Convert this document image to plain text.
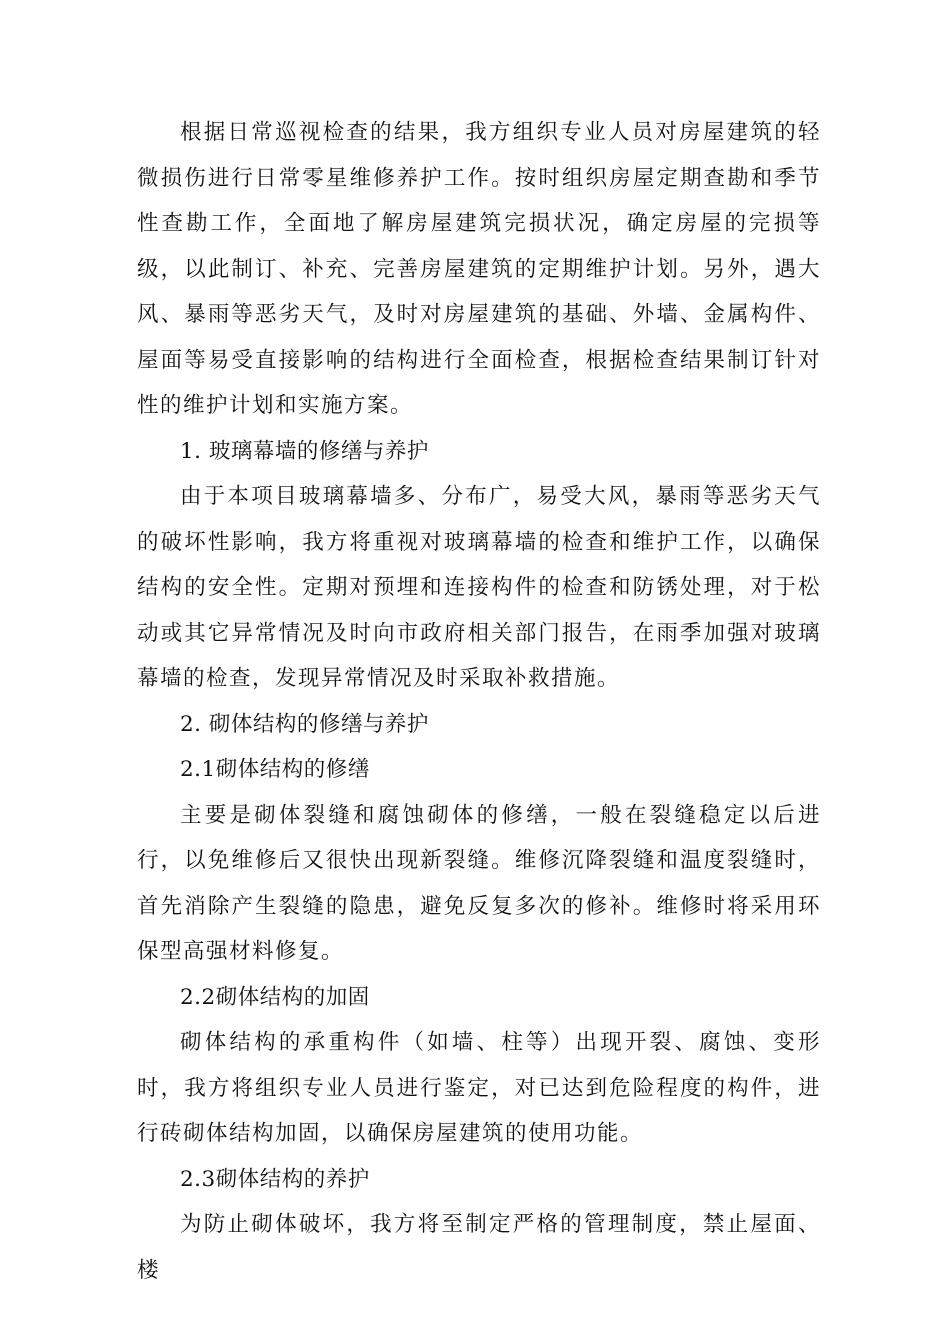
根据日常巡视检查的结果，我方组织专业人员对房屋建筑的轻微损伤进行日常零星维修养护工作。按时组织房屋定期查勘和季节性查勘工作，全面地了解房屋建筑完损状况，确定房屋的完损等级，以此制订、补充、完善房屋建筑的定期维护计划。另外，遇大风、暴雨等恶劣天气，及时对房屋建筑的基础、外墙、金属构件、屋面等易受直接影响的结构进行全面检查，根据检查结果制订针对性的维护计划和实施方案。

1. 玻璃幕墙的修缮与养护

由于本项目玻璃幕墙多、分布广，易受大风，暴雨等恶劣天气的破坏性影响，我方将重视对玻璃幕墙的检查和维护工作，以确保结构的安全性。定期对预埋和连接构件的检查和防锈处理，对于松动或其它异常情况及时向市政府相关部门报告，在雨季加强对玻璃幕墙的检查，发现异常情况及时采取补救措施。

2. 砌体结构的修缮与养护

2.1砌体结构的修缮

主要是砌体裂缝和腐蚀砌体的修缮，一般在裂缝稳定以后进行，以免维修后又很快出现新裂缝。维修沉降裂缝和温度裂缝时，首先消除产生裂缝的隐患，避免反复多次的修补。维修时将采用环保型高强材料修复。

2.2砌体结构的加固

砌体结构的承重构件（如墙、柱等）出现开裂、腐蚀、变形时，我方将组织专业人员进行鉴定，对已达到危险程度的构件，进行砖砌体结构加固，以确保房屋建筑的使用功能。

2.3砌体结构的养护

为防止砌体破坏，我方将至制定严格的管理制度，禁止屋面、楼
